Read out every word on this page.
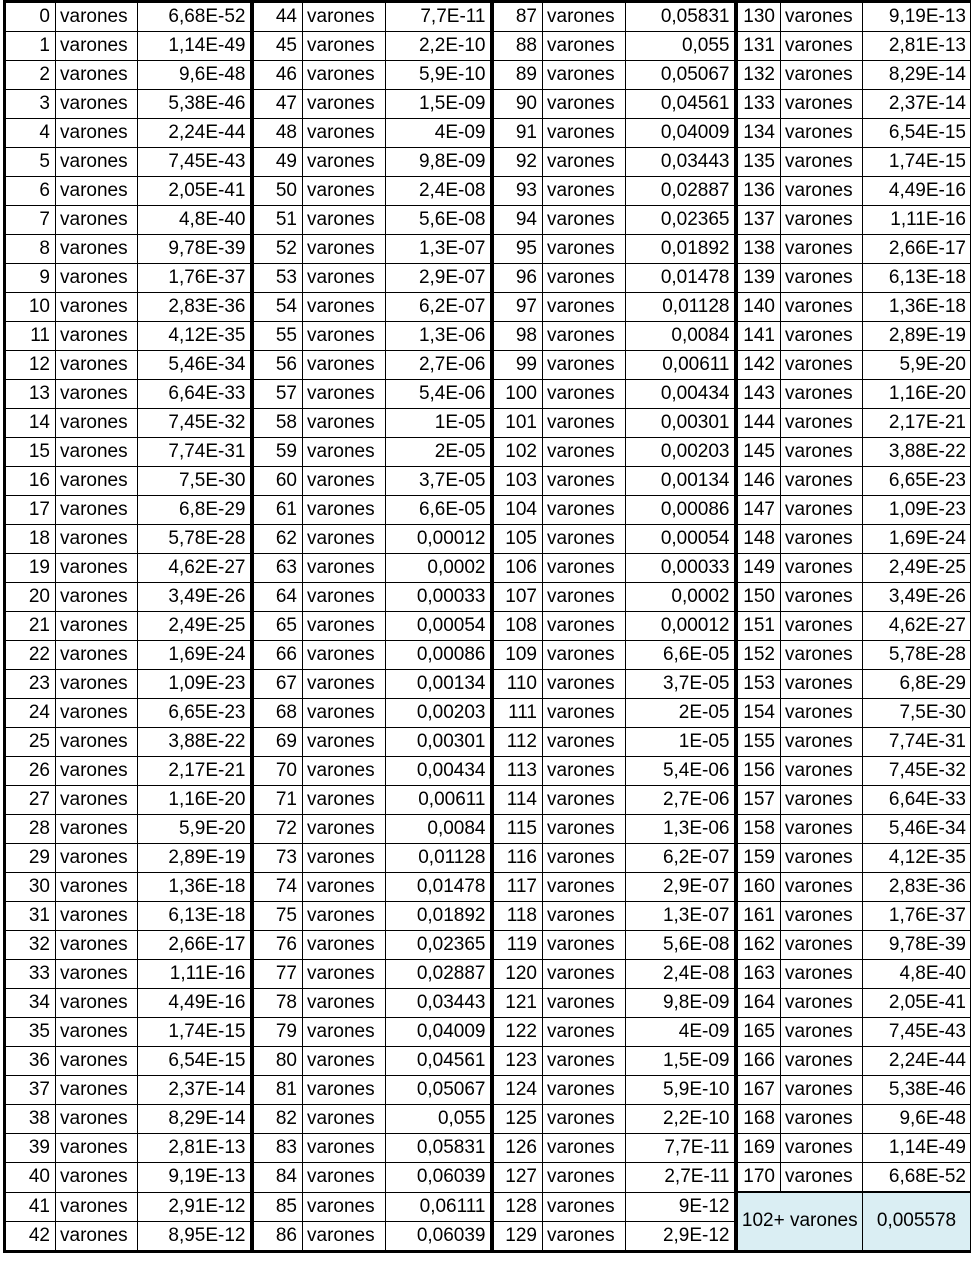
0	varones	6,68E-52	44	varones	7,7E-11	87	varones	0,05831	130	varones	9,19E-13
1	varones	1,14E-49	45	varones	2,2E-10	88	varones	0,055	131	varones	2,81E-13
2	varones	9,6E-48	46	varones	5,9E-10	89	varones	0,05067	132	varones	8,29E-14
3	varones	5,38E-46	47	varones	1,5E-09	90	varones	0,04561	133	varones	2,37E-14
4	varones	2,24E-44	48	varones	4E-09	91	varones	0,04009	134	varones	6,54E-15
5	varones	7,45E-43	49	varones	9,8E-09	92	varones	0,03443	135	varones	1,74E-15
6	varones	2,05E-41	50	varones	2,4E-08	93	varones	0,02887	136	varones	4,49E-16
7	varones	4,8E-40	51	varones	5,6E-08	94	varones	0,02365	137	varones	1,11E-16
8	varones	9,78E-39	52	varones	1,3E-07	95	varones	0,01892	138	varones	2,66E-17
9	varones	1,76E-37	53	varones	2,9E-07	96	varones	0,01478	139	varones	6,13E-18
10	varones	2,83E-36	54	varones	6,2E-07	97	varones	0,01128	140	varones	1,36E-18
11	varones	4,12E-35	55	varones	1,3E-06	98	varones	0,0084	141	varones	2,89E-19
12	varones	5,46E-34	56	varones	2,7E-06	99	varones	0,00611	142	varones	5,9E-20
13	varones	6,64E-33	57	varones	5,4E-06	100	varones	0,00434	143	varones	1,16E-20
14	varones	7,45E-32	58	varones	1E-05	101	varones	0,00301	144	varones	2,17E-21
15	varones	7,74E-31	59	varones	2E-05	102	varones	0,00203	145	varones	3,88E-22
16	varones	7,5E-30	60	varones	3,7E-05	103	varones	0,00134	146	varones	6,65E-23
17	varones	6,8E-29	61	varones	6,6E-05	104	varones	0,00086	147	varones	1,09E-23
18	varones	5,78E-28	62	varones	0,00012	105	varones	0,00054	148	varones	1,69E-24
19	varones	4,62E-27	63	varones	0,0002	106	varones	0,00033	149	varones	2,49E-25
20	varones	3,49E-26	64	varones	0,00033	107	varones	0,0002	150	varones	3,49E-26
21	varones	2,49E-25	65	varones	0,00054	108	varones	0,00012	151	varones	4,62E-27
22	varones	1,69E-24	66	varones	0,00086	109	varones	6,6E-05	152	varones	5,78E-28
23	varones	1,09E-23	67	varones	0,00134	110	varones	3,7E-05	153	varones	6,8E-29
24	varones	6,65E-23	68	varones	0,00203	111	varones	2E-05	154	varones	7,5E-30
25	varones	3,88E-22	69	varones	0,00301	112	varones	1E-05	155	varones	7,74E-31
26	varones	2,17E-21	70	varones	0,00434	113	varones	5,4E-06	156	varones	7,45E-32
27	varones	1,16E-20	71	varones	0,00611	114	varones	2,7E-06	157	varones	6,64E-33
28	varones	5,9E-20	72	varones	0,0084	115	varones	1,3E-06	158	varones	5,46E-34
29	varones	2,89E-19	73	varones	0,01128	116	varones	6,2E-07	159	varones	4,12E-35
30	varones	1,36E-18	74	varones	0,01478	117	varones	2,9E-07	160	varones	2,83E-36
31	varones	6,13E-18	75	varones	0,01892	118	varones	1,3E-07	161	varones	1,76E-37
32	varones	2,66E-17	76	varones	0,02365	119	varones	5,6E-08	162	varones	9,78E-39
33	varones	1,11E-16	77	varones	0,02887	120	varones	2,4E-08	163	varones	4,8E-40
34	varones	4,49E-16	78	varones	0,03443	121	varones	9,8E-09	164	varones	2,05E-41
35	varones	1,74E-15	79	varones	0,04009	122	varones	4E-09	165	varones	7,45E-43
36	varones	6,54E-15	80	varones	0,04561	123	varones	1,5E-09	166	varones	2,24E-44
37	varones	2,37E-14	81	varones	0,05067	124	varones	5,9E-10	167	varones	5,38E-46
38	varones	8,29E-14	82	varones	0,055	125	varones	2,2E-10	168	varones	9,6E-48
39	varones	2,81E-13	83	varones	0,05831	126	varones	7,7E-11	169	varones	1,14E-49
40	varones	9,19E-13	84	varones	0,06039	127	varones	2,7E-11	170	varones	6,68E-52
41	varones	2,91E-12	85	varones	0,06111	128	varones	9E-12	102+ varones		0,005578
42	varones	8,95E-12	86	varones	0,06039	129	varones	2,9E-12			
